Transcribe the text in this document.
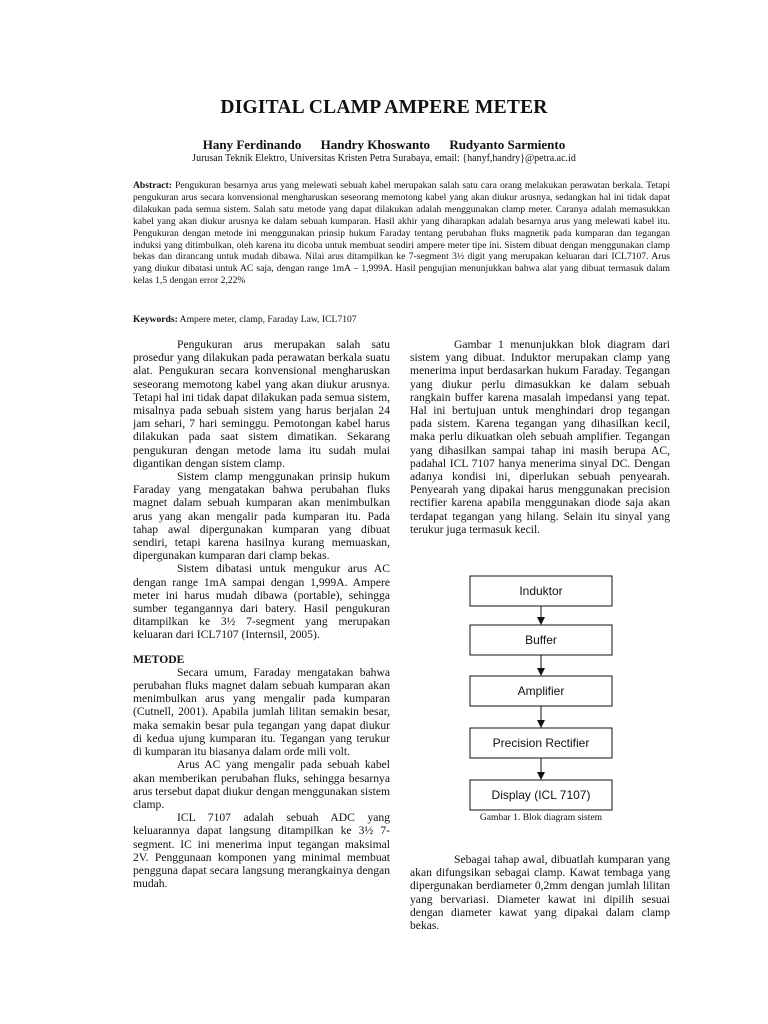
DIGITAL CLAMP AMPERE METER
Hany Ferdinando Handry Khoswanto Rudyanto Sarmiento
Jurusan Teknik Elektro, Universitas Kristen Petra Surabaya, email: {hanyf,handry}@petra.ac.id
Abstract: Pengukuran besarnya arus yang melewati sebuah kabel merupakan salah satu cara orang melakukan perawatan berkala. Tetapi pengukuran arus secara konvensional mengharuskan seseorang memotong kabel yang akan diukur arusnya, sedangkan hal ini tidak dapat dilakukan pada semua sistem. Salah satu metode yang dapat dilakukan adalah menggunakan clamp meter. Caranya adalah memasukkan kabel yang akan diukur arusnya ke dalam sebuah kumparan. Hasil akhir yang diharapkan adalah besarnya arus yang melewati kabel itu. Pengukuran dengan metode ini menggunakan prinsip hukum Faraday tentang perubahan fluks magnetik pada kumparan dan tegangan induksi yang ditimbulkan, oleh karena itu dicoba untuk membuat sendiri ampere meter tipe ini. Sistem dibuat dengan menggunakan clamp bekas dan dirancang untuk mudah dibawa. Nilai arus ditampilkan ke 7-segment 3½ digit yang merupakan keluaran dari ICL7107. Arus yang diukur dibatasi untuk AC saja, dengan range 1mA – 1,999A. Hasil pengujian menunjukkan bahwa alat yang dibuat termasuk dalam kelas 1,5 dengan error 2,22%
Keywords: Ampere meter, clamp, Faraday Law, ICL7107

Pengukuran arus merupakan salah satu prosedur yang dilakukan pada perawatan berkala suatu alat. Pengukuran secara konvensional mengharuskan seseorang memotong kabel yang akan diukur arusnya. Tetapi hal ini tidak dapat dilakukan pada semua sistem, misalnya pada sebuah sistem yang harus berjalan 24 jam sehari, 7 hari seminggu. Pemotongan kabel harus dilakukan pada saat sistem dimatikan. Sekarang pengukuran dengan metode lama itu sudah mulai digantikan dengan sistem clamp.

Sistem clamp menggunakan prinsip hukum Faraday yang mengatakan bahwa perubahan fluks magnet dalam sebuah kumparan akan menimbulkan arus yang akan mengalir pada kumparan itu. Pada tahap awal dipergunakan kumparan yang dibuat sendiri, tetapi karena hasilnya kurang memuaskan, dipergunakan kumparan dari clamp bekas.

Sistem dibatasi untuk mengukur arus AC dengan range 1mA sampai dengan 1,999A. Ampere meter ini harus mudah dibawa (portable), sehingga sumber tegangannya dari batery. Hasil pengukuran ditampilkan ke 3½ 7-segment yang merupakan keluaran dari ICL7107 (Internsil, 2005).

METODE

Secara umum, Faraday mengatakan bahwa perubahan fluks magnet dalam sebuah kumparan akan menimbulkan arus yang mengalir pada kumparan (Cutnell, 2001). Apabila jumlah lilitan semakin besar, maka semakin besar pula tegangan yang dapat diukur di kedua ujung kumparan itu. Tegangan yang terukur di kumparan itu biasanya dalam orde mili volt.

Arus AC yang mengalir pada sebuah kabel akan memberikan perubahan fluks, sehingga besarnya arus tersebut dapat diukur dengan menggunakan sistem clamp.

ICL 7107 adalah sebuah ADC yang keluarannya dapat langsung ditampilkan ke 3½ 7-segment. IC ini menerima input tegangan maksimal 2V. Penggunaan komponen yang minimal membuat pengguna dapat secara langsung merangkainya dengan mudah.

Gambar 1 menunjukkan blok diagram dari sistem yang dibuat. Induktor merupakan clamp yang menerima input berdasarkan hukum Faraday. Tegangan yang diukur perlu dimasukkan ke dalam sebuah rangkain buffer karena masalah impedansi yang tepat. Hal ini bertujuan untuk menghindari drop tegangan pada sistem. Karena tegangan yang dihasilkan kecil, maka perlu dikuatkan oleh sebuah amplifier. Tegangan yang dihasilkan sampai tahap ini masih berupa AC, padahal ICL 7107 hanya menerima sinyal DC. Dengan adanya kondisi ini, diperlukan sebuah penyearah. Penyearah yang dipakai harus menggunakan precision rectifier karena apabila menggunakan diode saja akan terdapat tegangan yang hilang. Selain itu sinyal yang terukur juga termasuk kecil.

Induktor
Buffer
Amplifier
Precision Rectifier
Display (ICL 7107)
Gambar 1. Blok diagram sistem

Sebagai tahap awal, dibuatlah kumparan yang akan difungsikan sebagai clamp. Kawat tembaga yang dipergunakan berdiameter 0,2mm dengan jumlah lilitan yang bervariasi. Diameter kawat ini dipilih sesuai dengan diameter kawat yang dipakai dalam clamp bekas.
